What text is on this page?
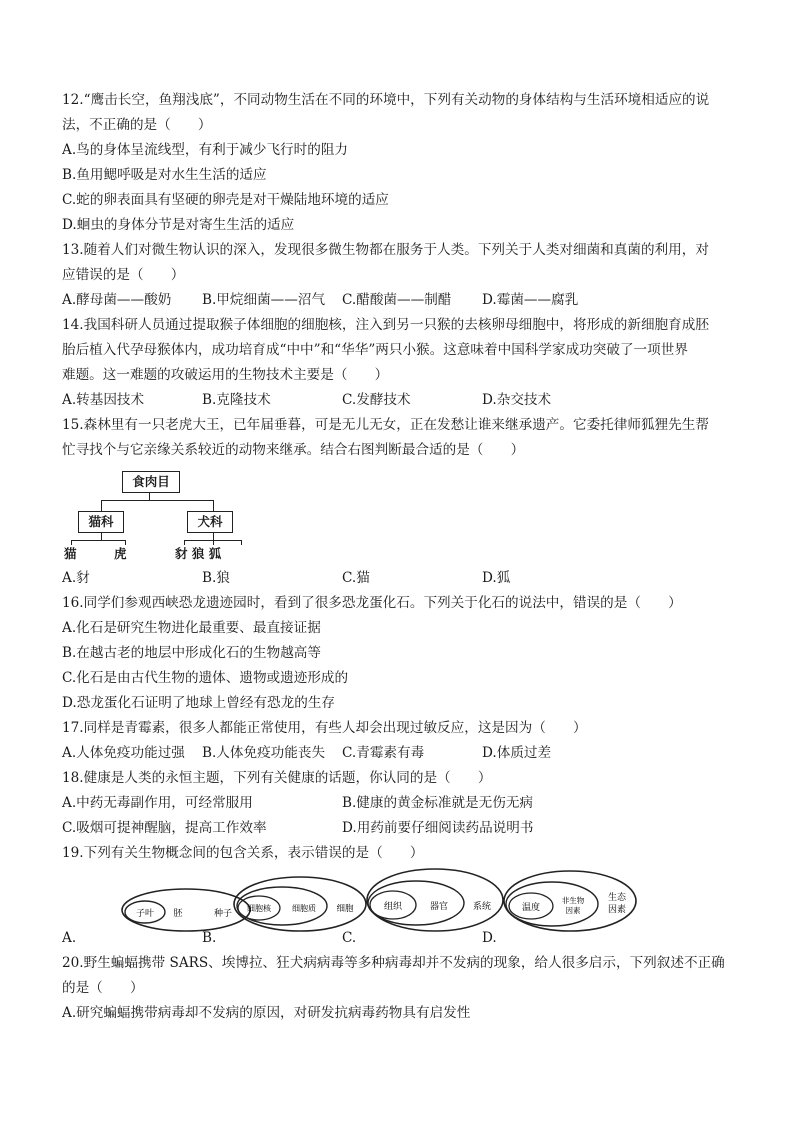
12.“鹰击长空，鱼翔浅底”，不同动物生活在不同的环境中，下列有关动物的身体结构与生活环境相适应的说
法，不正确的是（　　）
A.鸟的身体呈流线型，有利于减少飞行时的阻力
B.鱼用鳃呼吸是对水生生活的适应
C.蛇的卵表面具有坚硬的卵壳是对干燥陆地环境的适应
D.蛔虫的身体分节是对寄生生活的适应
13.随着人们对微生物认识的深入，发现很多微生物都在服务于人类。下列关于人类对细菌和真菌的利用，对
应错误的是（　　）
A.酵母菌——酸奶 B.甲烷细菌——沼气 C.醋酸菌——制醋 D.霉菌——腐乳
14.我国科研人员通过提取猴子体细胞的细胞核，注入到另一只猴的去核卵母细胞中，将形成的新细胞育成胚
胎后植入代孕母猴体内，成功培育成“中中”和“华华”两只小猴。这意味着中国科学家成功突破了一项世界
难题。这一难题的攻破运用的生物技术主要是（　　）
A.转基因技术	B.克隆技术	C.发酵技术	D.杂交技术
15.森林里有一只老虎大王，已年届垂暮，可是无儿无女，正在发愁让谁来继承遗产。它委托律师狐狸先生帮
忙寻找个与它亲缘关系较近的动物来继承。结合右图判断最合适的是（　　）
食肉目
猫科	犬科
猫　　　虎	豺 狼 狐
A.豺	B.狼	C.猫	D.狐
16.同学们参观西峡恐龙遗迹园时，看到了很多恐龙蛋化石。下列关于化石的说法中，错误的是（　　）
A.化石是研究生物进化最重要、最直接证据
B.在越古老的地层中形成化石的生物越高等
C.化石是由古代生物的遗体、遗物或遗迹形成的
D.恐龙蛋化石证明了地球上曾经有恐龙的生存
17.同样是青霉素，很多人都能正常使用，有些人却会出现过敏反应，这是因为（　　）
A.人体免疫功能过强 B.人体免疫功能丧失 C.青霉素有毒	D.体质过差
18.健康是人类的永恒主题，下列有关健康的话题，你认同的是（　　）
A.中药无毒副作用，可经常服用	B.健康的黄金标准就是无伤无病
C.吸烟可提神醒脑，提高工作效率	D.用药前要仔细阅读药品说明书
19.下列有关生物概念间的包含关系，表示错误的是（　　）
子叶 胚	种子
细胞核	细胞质 细胞	组织	器官	系统	温度
非生物
因素
生态
因素
A.	B.	C.	D.
20.野生蝙蝠携带 SARS、埃博拉、狂犬病病毒等多种病毒却并不发病的现象，给人很多启示，下列叙述不正确
的是（　　）
A.研究蝙蝠携带病毒却不发病的原因，对研发抗病毒药物具有启发性
